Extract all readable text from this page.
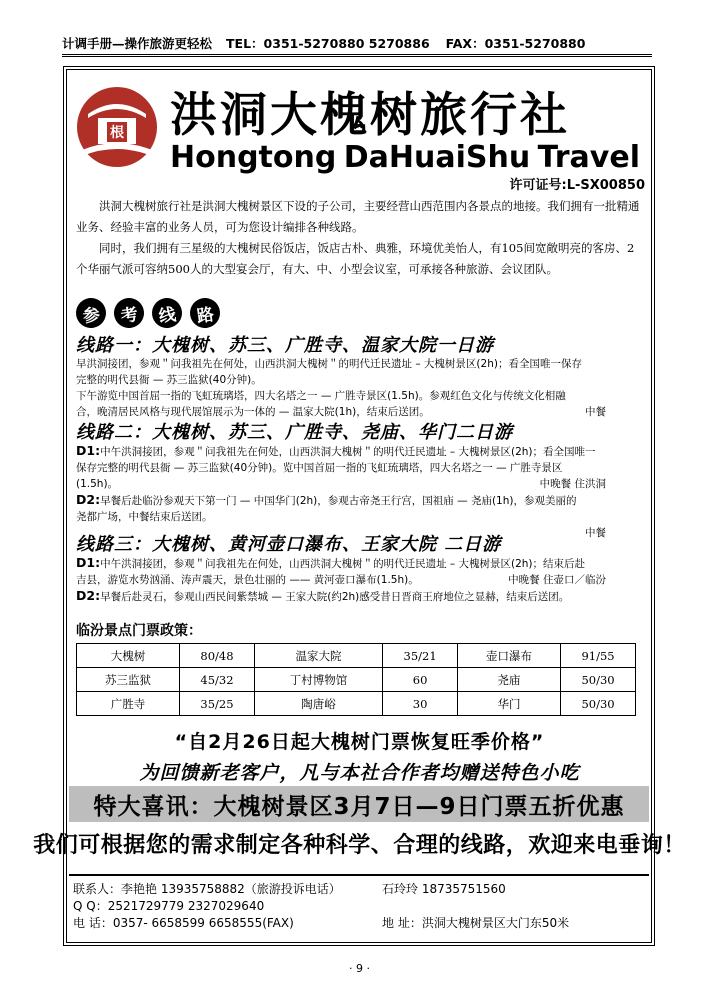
计调手册—操作旅游更轻松 TEL：0351-5270880 5270886 FAX：0351-5270880
根 洪洞大槐树旅行社
Hongtong DaHuaiShu Travel
许可证号:L-SX00850

洪洞大槐树旅行社是洪洞大槐树景区下设的子公司，主要经营山西范围内各景点的地接。我们拥有一批精通业务、经验丰富的业务人员，可为您设计编排各种线路。

同时，我们拥有三星级的大槐树民俗饭店，饭店古朴、典雅，环境优美怡人，有105间宽敞明亮的客房、2个华丽气派可容纳500人的大型宴会厅，有大、中、小型会议室，可承接各种旅游、会议团队。

参	考	线	路
线路一：大槐树、苏三、广胜寺、温家大院一日游
早洪洞接团，参观＂问我祖先在何处，山西洪洞大槐树＂的明代迁民遗址 – 大槐树景区(2h)；看全国唯一保存
完整的明代县衙 — 苏三监狱(40分钟)。
下午游览中国首屈一指的飞虹琉璃塔，四大名塔之一 — 广胜寺景区(1.5h)。参观红色文化与传统文化相融
合，晚清居民风格与现代展馆展示为一体的 — 温家大院(1h)，结束后送团。	中餐
线路二：大槐树、苏三、广胜寺、尧庙、华门二日游
D1:中午洪洞接团，参观＂问我祖先在何处，山西洪洞大槐树＂的明代迁民遗址 – 大槐树景区(2h)；看全国唯一
保存完整的明代县衙 — 苏三监狱(40分钟)。览中国首屈一指的飞虹琉璃塔，四大名塔之一 — 广胜寺景区
(1.5h)。	中晚餐 住洪洞
D2:早餐后赴临汾参观天下第一门 — 中国华门(2h)，参观古帝尧王行宫，国祖庙 — 尧庙(1h)，参观美丽的
尧都广场，中餐结束后送团。
中餐
线路三：大槐树、黄河壶口瀑布、王家大院 二日游
D1:中午洪洞接团，参观＂问我祖先在何处，山西洪洞大槐树＂的明代迁民遗址 – 大槐树景区(2h)；结束后赴
吉县，游览水势汹涌、涛声震天，景色壮丽的 —— 黄河壶口瀑布(1.5h)。	中晚餐 住壶口／临汾
D2:早餐后赴灵石，参观山西民间紫禁城 — 王家大院(约2h)感受昔日晋商王府地位之显赫，结束后送团。
临汾景点门票政策：
大槐树	80/48	温家大院	35/21	壶口瀑布	91/55
苏三监狱	45/32	丁村博物馆	60	尧庙	50/30
广胜寺	35/25	陶唐峪	30	华门	50/30
“自2月26日起大槐树门票恢复旺季价格”
为回馈新老客户，凡与本社合作者均赠送特色小吃
特大喜讯：大槐树景区3月7日—9日门票五折优惠
我们可根据您的需求制定各种科学、合理的线路，欢迎来电垂询！
联系人：李艳艳 13935758882（旅游投诉电话）	石玲玲 18735751560
Q Q：2521729779 2327029640
电 话：0357- 6658599 6658555(FAX)	地 址：洪洞大槐树景区大门东50米
· 9 ·
